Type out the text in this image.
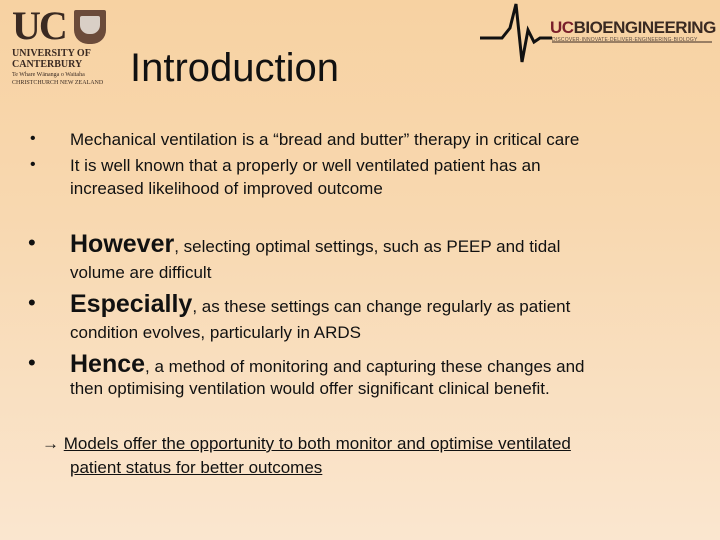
UC
UNIVERSITY OF
CANTERBURY
Te Whare Wānanga o Waitaha
CHRISTCHURCH NEW ZEALAND Introduction
UCBIOENGINEERING
DISCOVER·INNOVATE·DELIVER·ENGINEERING·BIOLOGY
• Mechanical ventilation is a “bread and butter” therapy in critical care
• It is well known that a properly or well ventilated patient has an
increased likelihood of improved outcome
• However, selecting optimal settings, such as PEEP and tidal
volume are difficult
• Especially, as these settings can change regularly as patient
condition evolves, particularly in ARDS
• Hence, a method of monitoring and capturing these changes and
then optimising ventilation would offer significant clinical benefit.
→ Models offer the opportunity to both monitor and optimise ventilated
patient status for better outcomes
